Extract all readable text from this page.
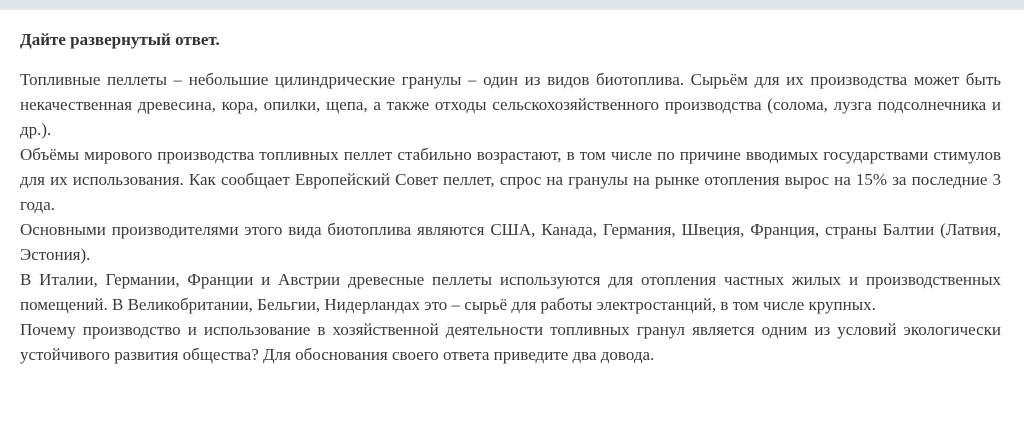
Дайте развернутый ответ.

Топливные пеллеты – небольшие цилиндрические гранулы – один из видов биотоплива. Сырьём для их производства может быть некачественная древесина, кора, опилки, щепа, а также отходы сельскохозяйственного производства (солома, лузга подсолнечника и др.).

Объёмы мирового производства топливных пеллет стабильно возрастают, в том числе по причине вводимых государствами стимулов для их использования. Как сообщает Европейский Совет пеллет, спрос на гранулы на рынке отопления вырос на 15% за последние 3 года.

Основными производителями этого вида биотоплива являются США, Канада, Германия, Швеция, Франция, страны Балтии (Латвия, Эстония).

В Италии, Германии, Франции и Австрии древесные пеллеты используются для отопления частных жилых и производственных помещений. В Великобритании, Бельгии, Нидерландах это – сырьё для работы электростанций, в том числе крупных.

Почему производство и использование в хозяйственной деятельности топливных гранул является одним из условий экологически устойчивого развития общества? Для обоснования своего ответа приведите два довода.
